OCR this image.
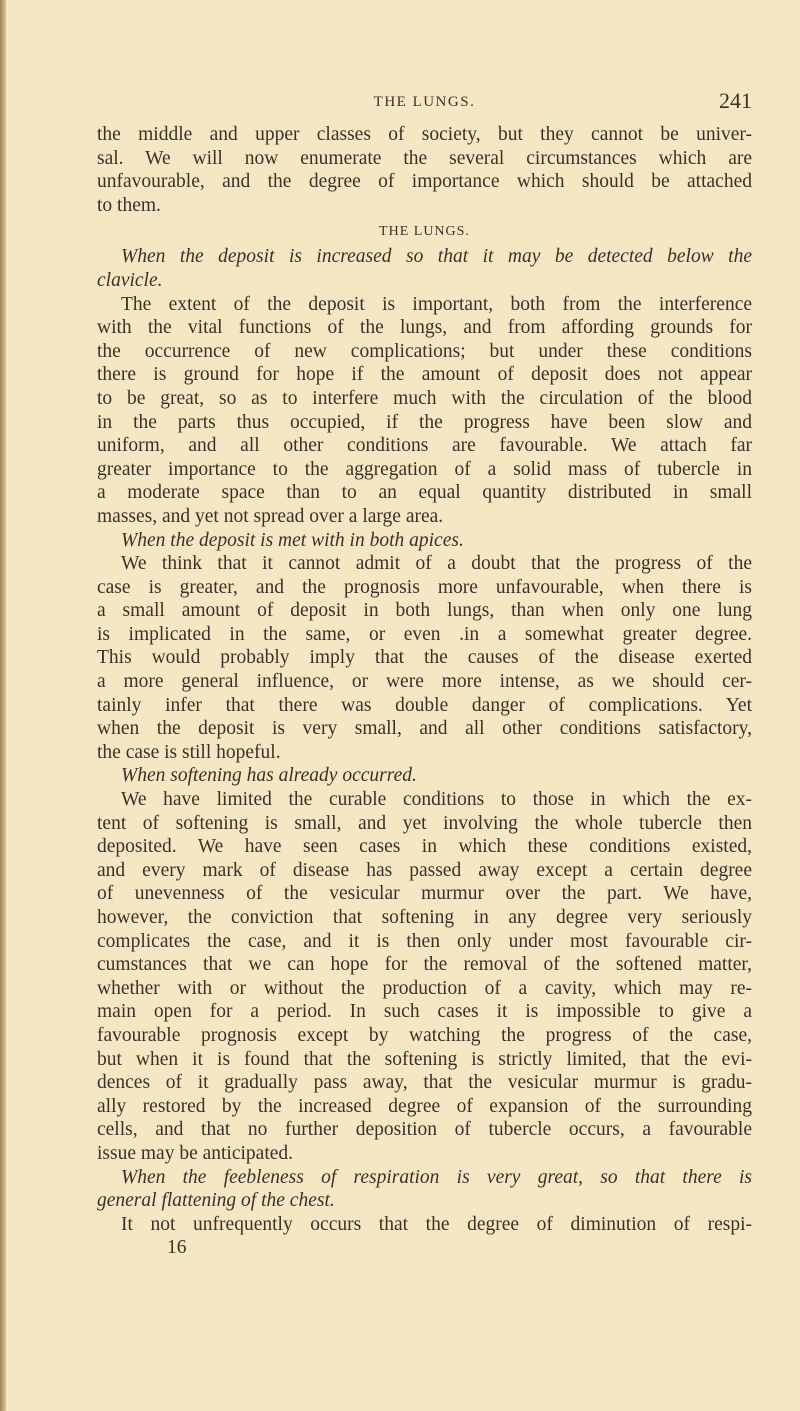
THE LUNGS.	241
the middle and upper classes of society, but they cannot be univer-
sal. We will now enumerate the several circumstances which are
unfavourable, and the degree of importance which should be attached
to them.
THE LUNGS.
When the deposit is increased so that it may be detected below the
clavicle.
The extent of the deposit is important, both from the interference
with the vital functions of the lungs, and from affording grounds for
the occurrence of new complications; but under these conditions
there is ground for hope if the amount of deposit does not appear
to be great, so as to interfere much with the circulation of the blood
in the parts thus occupied, if the progress have been slow and
uniform, and all other conditions are favourable. We attach far
greater importance to the aggregation of a solid mass of tubercle in
a moderate space than to an equal quantity distributed in small
masses, and yet not spread over a large area.
When the deposit is met with in both apices.
We think that it cannot admit of a doubt that the progress of the
case is greater, and the prognosis more unfavourable, when there is
a small amount of deposit in both lungs, than when only one lung
is implicated in the same, or even .in a somewhat greater degree.
This would probably imply that the causes of the disease exerted
a more general influence, or were more intense, as we should cer-
tainly infer that there was double danger of complications. Yet
when the deposit is very small, and all other conditions satisfactory,
the case is still hopeful.
When softening has already occurred.
We have limited the curable conditions to those in which the ex-
tent of softening is small, and yet involving the whole tubercle then
deposited. We have seen cases in which these conditions existed,
and every mark of disease has passed away except a certain degree
of unevenness of the vesicular murmur over the part. We have,
however, the conviction that softening in any degree very seriously
complicates the case, and it is then only under most favourable cir-
cumstances that we can hope for the removal of the softened matter,
whether with or without the production of a cavity, which may re-
main open for a period. In such cases it is impossible to give a
favourable prognosis except by watching the progress of the case,
but when it is found that the softening is strictly limited, that the evi-
dences of it gradually pass away, that the vesicular murmur is gradu-
ally restored by the increased degree of expansion of the surrounding
cells, and that no further deposition of tubercle occurs, a favourable
issue may be anticipated.
When the feebleness of respiration is very great, so that there is
general flattening of the chest.
It not unfrequently occurs that the degree of diminution of respi-
16
